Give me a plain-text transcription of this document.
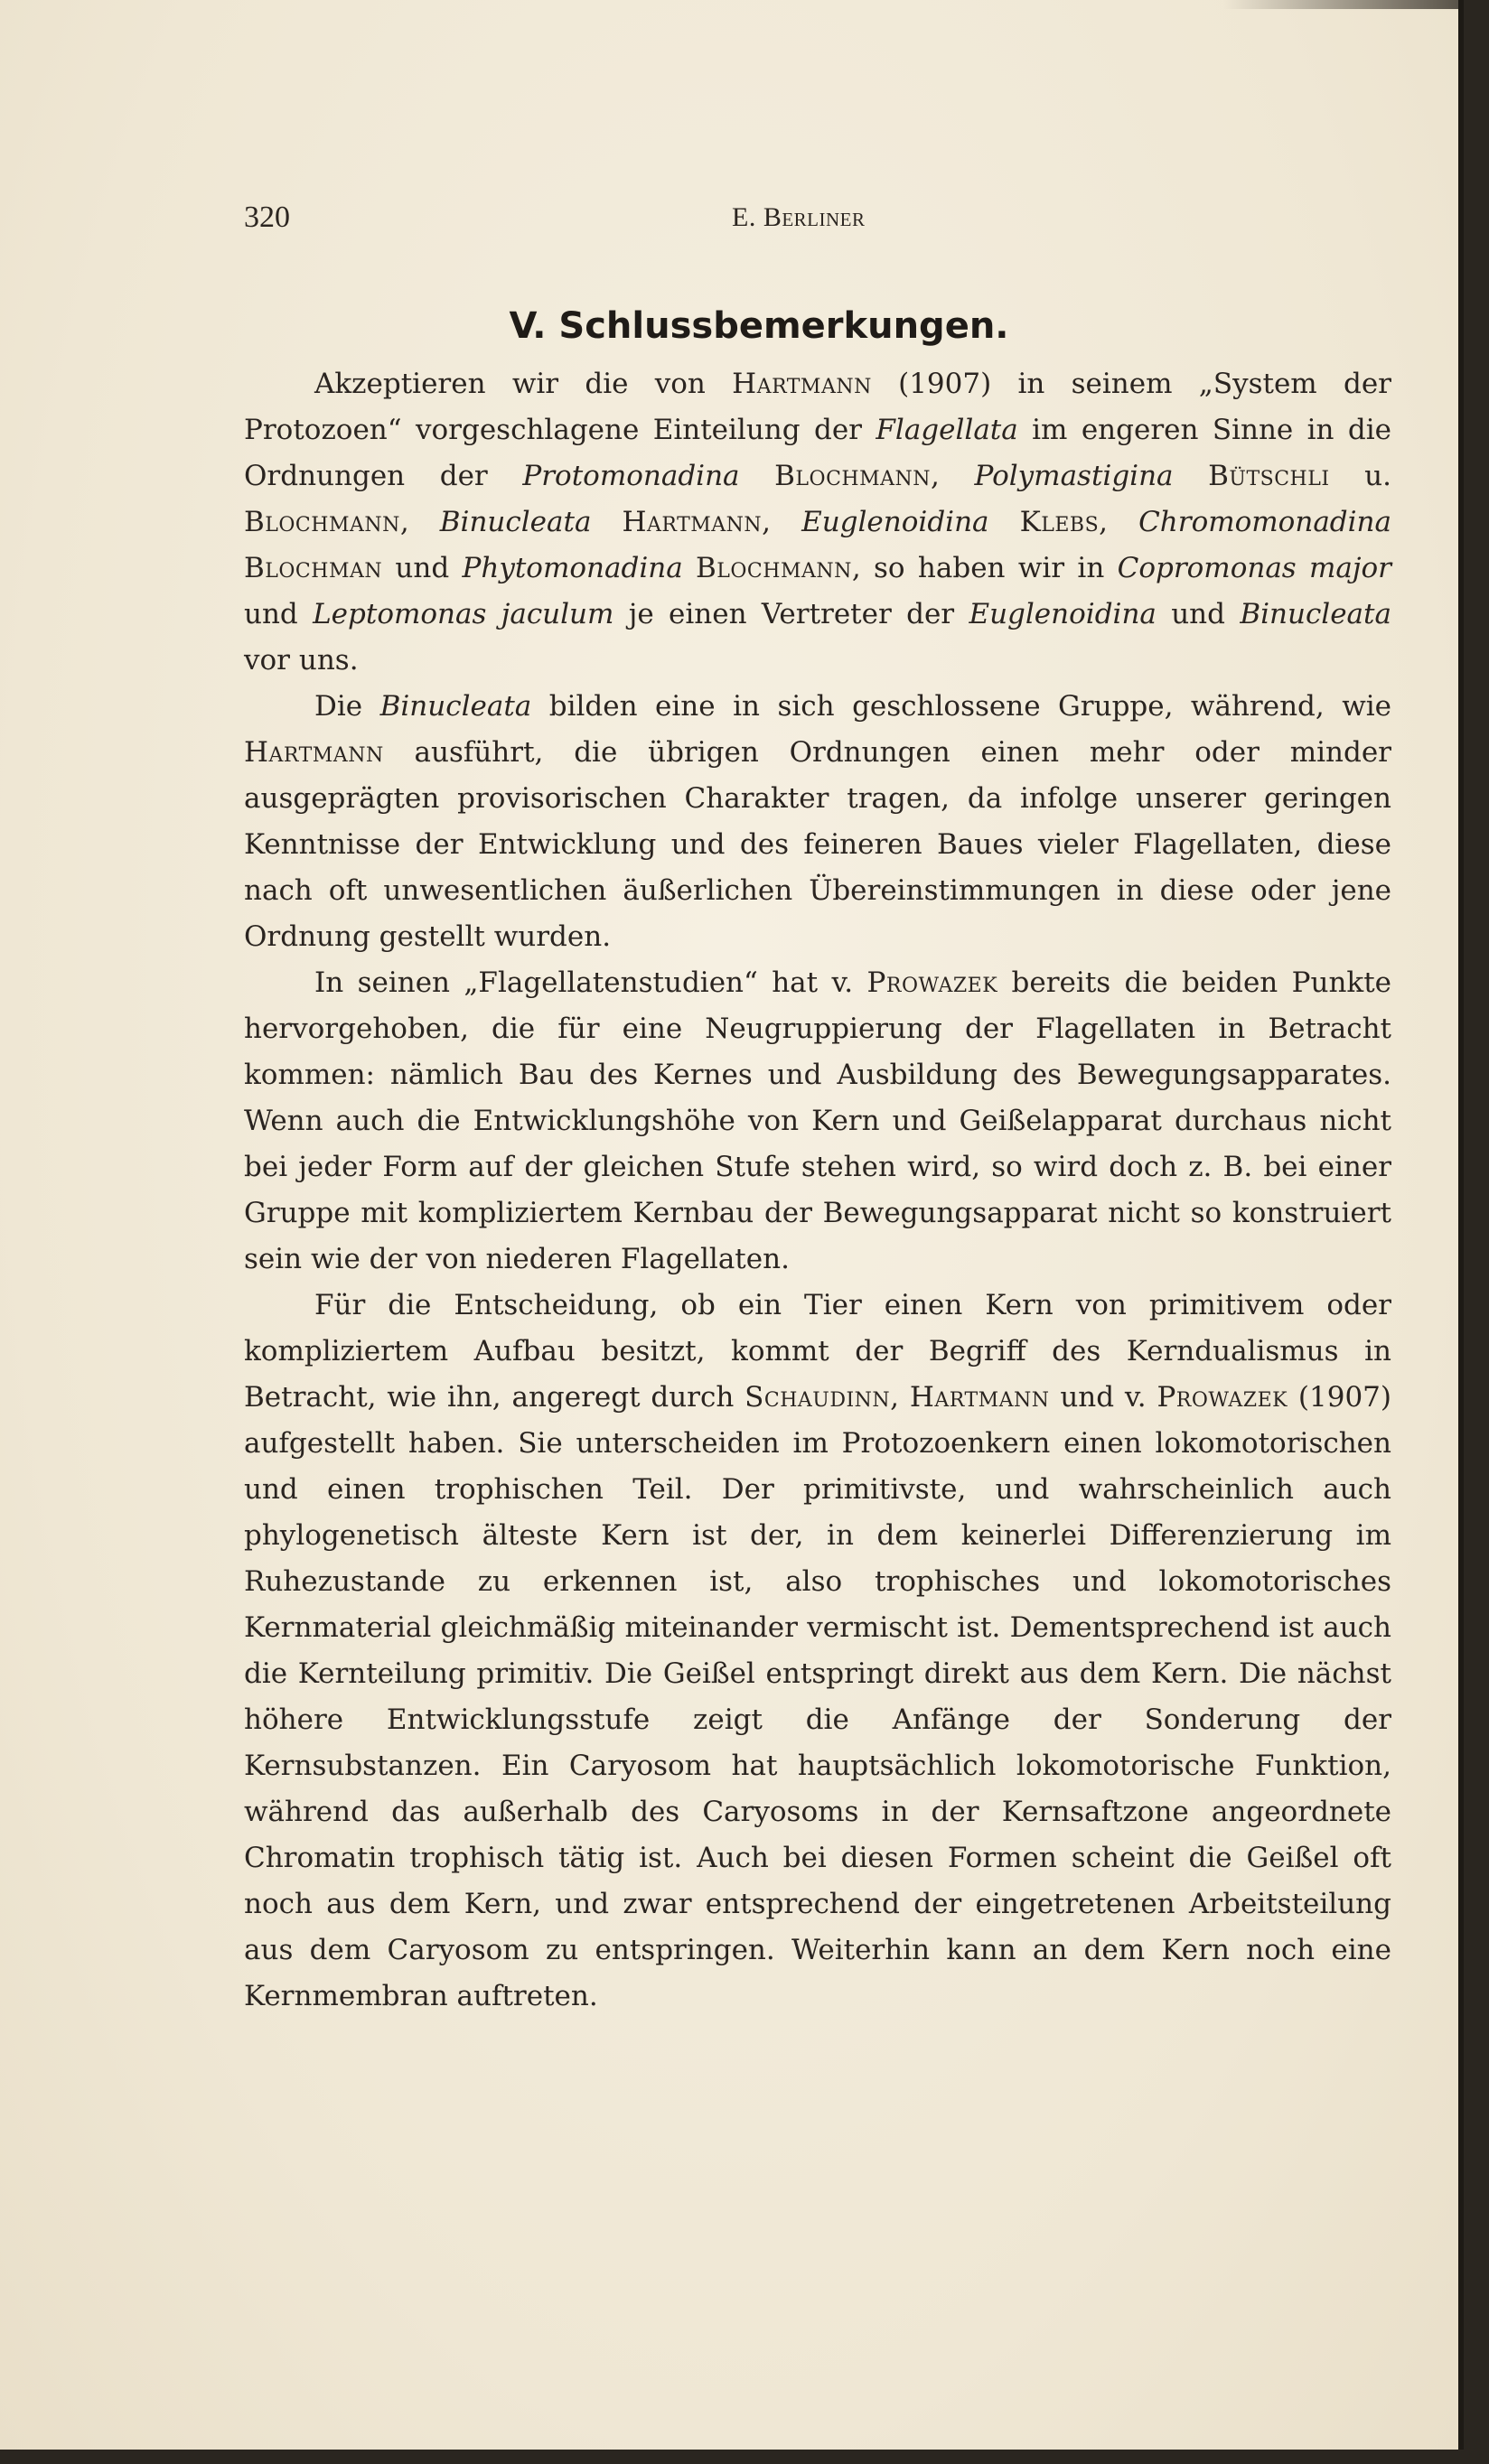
320	E. Berliner
V. Schlussbemerkungen.

Akzeptieren wir die von Hartmann (1907) in seinem „System der Protozoen“ vorgeschlagene Einteilung der Flagellata im engeren Sinne in die Ordnungen der Protomonadina Blochmann, Polymastigina Bütschli u. Blochmann, Binucleata Hartmann, Euglenoidina Klebs, Chromomonadina Blochman und Phytomonadina Blochmann, so haben wir in Copromonas major und Leptomonas jaculum je einen Vertreter der Euglenoidina und Binucleata vor uns.

Die Binucleata bilden eine in sich geschlossene Gruppe, während, wie Hartmann ausführt, die übrigen Ordnungen einen mehr oder minder ausgeprägten provisorischen Charakter tragen, da infolge unserer geringen Kenntnisse der Entwicklung und des feineren Baues vieler Flagellaten, diese nach oft unwesentlichen äußerlichen Übereinstimmungen in diese oder jene Ordnung gestellt wurden.

In seinen „Flagellatenstudien“ hat v. Prowazek bereits die beiden Punkte hervorgehoben, die für eine Neugruppierung der Flagellaten in Betracht kommen: nämlich Bau des Kernes und Ausbildung des Bewegungsapparates. Wenn auch die Entwicklungshöhe von Kern und Geißelapparat durchaus nicht bei jeder Form auf der gleichen Stufe stehen wird, so wird doch z. B. bei einer Gruppe mit kompliziertem Kernbau der Bewegungsapparat nicht so konstruiert sein wie der von niederen Flagellaten.

Für die Entscheidung, ob ein Tier einen Kern von primitivem oder kompliziertem Aufbau besitzt, kommt der Begriff des Kerndualismus in Betracht, wie ihn, angeregt durch Schaudinn, Hartmann und v. Prowazek (1907) aufgestellt haben. Sie unterscheiden im Protozoenkern einen lokomotorischen und einen trophischen Teil. Der primitivste, und wahrscheinlich auch phylogenetisch älteste Kern ist der, in dem keinerlei Differenzierung im Ruhezustande zu erkennen ist, also trophisches und lokomotorisches Kernmaterial gleichmäßig miteinander vermischt ist. Dementsprechend ist auch die Kernteilung primitiv. Die Geißel entspringt direkt aus dem Kern. Die nächst höhere Entwicklungsstufe zeigt die Anfänge der Sonderung der Kernsubstanzen. Ein Caryosom hat hauptsächlich lokomotorische Funktion, während das außerhalb des Caryosoms in der Kernsaftzone angeordnete Chromatin trophisch tätig ist. Auch bei diesen Formen scheint die Geißel oft noch aus dem Kern, und zwar entsprechend der eingetretenen Arbeitsteilung aus dem Caryosom zu entspringen. Weiterhin kann an dem Kern noch eine Kernmembran auftreten.
